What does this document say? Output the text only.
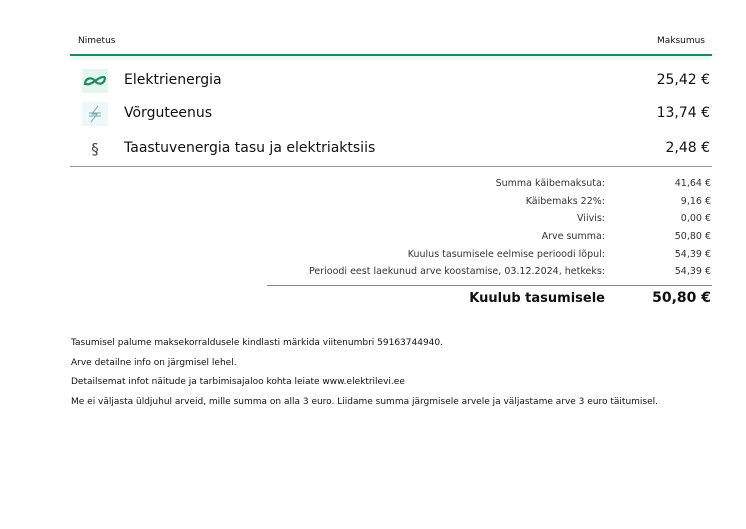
Nimetus	Maksumus
Elektrienergia	25,42 €
Võrguteenus	13,74 €
§	Taastuvenergia tasu ja elektriaktsiis	2,48 €
Summa käibemaksuta:	41,64 €
Käibemaks 22%:	9,16 €
Viivis:	0,00 €
Arve summa:	50,80 €
Kuulus tasumisele eelmise perioodi lõpul:	54,39 €
Perioodi eest laekunud arve koostamise, 03.12.2024, hetkeks:	54,39 €
Kuulub tasumisele	50,80 €
Tasumisel palume maksekorraldusele kindlasti märkida viitenumbri 59163744940.
Arve detailne info on järgmisel lehel.
Detailsemat infot näitude ja tarbimisajaloo kohta leiate www.elektrilevi.ee
Me ei väljasta üldjuhul arveid, mille summa on alla 3 euro. Liidame summa järgmisele arvele ja väljastame arve 3 euro täitumisel.
